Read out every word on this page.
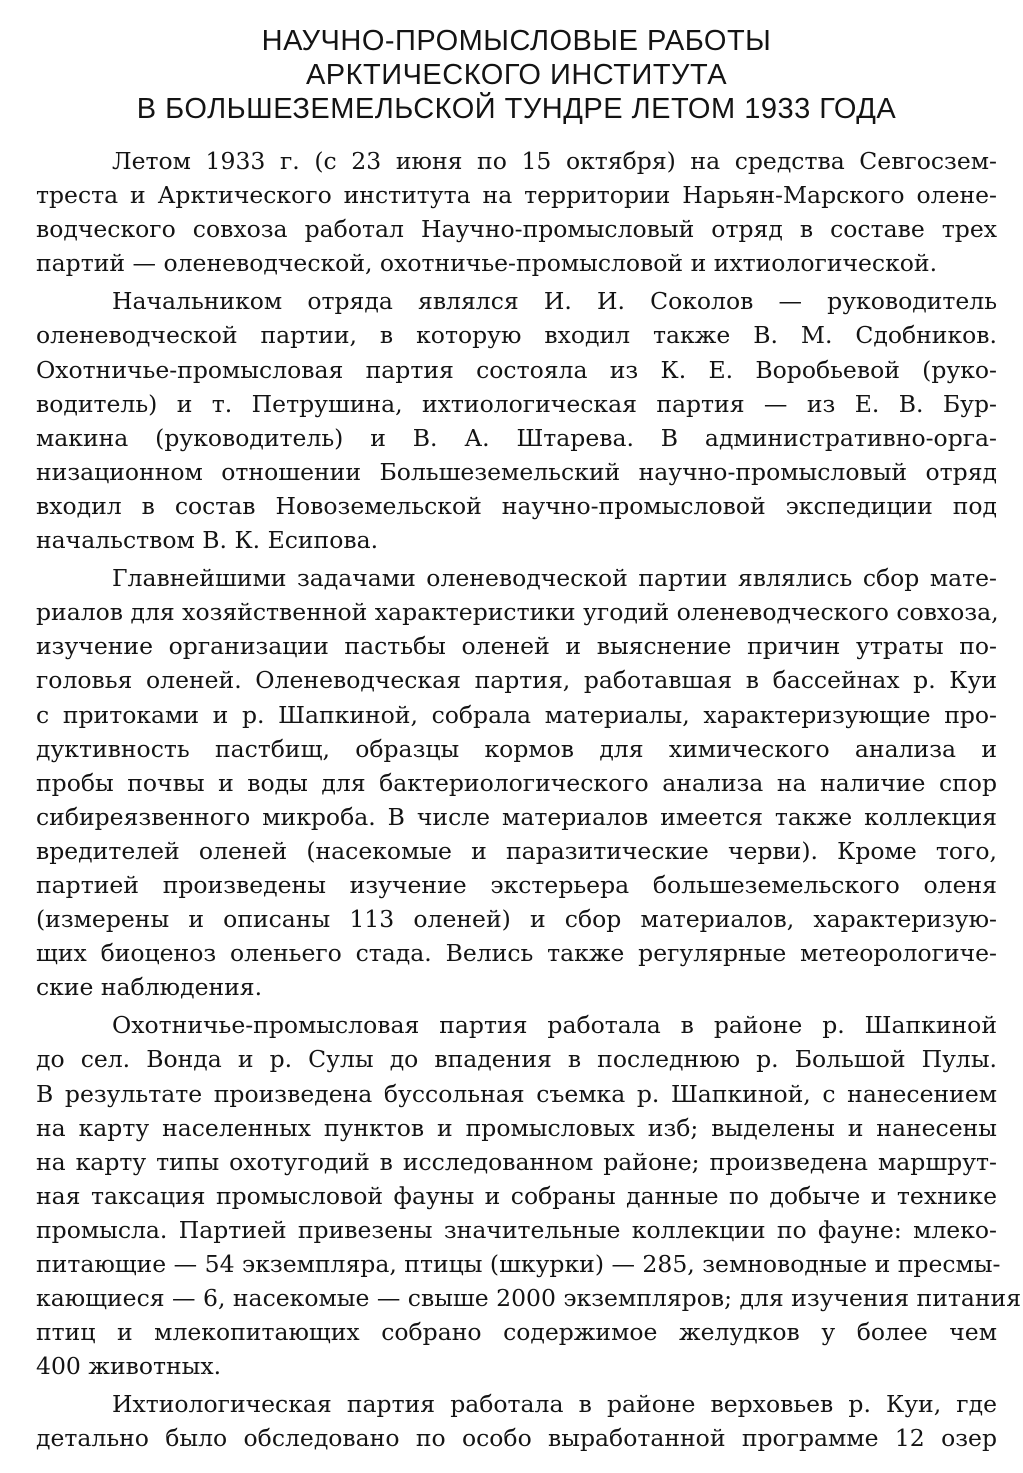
НАУЧНО-ПРОМЫСЛОВЫЕ РАБОТЫ
АРКТИЧЕСКОГО ИНСТИТУТА
В БОЛЬШЕЗЕМЕЛЬСКОЙ ТУНДРЕ ЛЕТОМ 1933 ГОДА
Летом 1933 г. (с 23 июня по 15 октября) на средства Севгосзем-
треста и Арктического института на территории Нарьян-Марского олене-
водческого совхоза работал Научно-промысловый отряд в составе трех
партий — оленеводческой, охотничье-промысловой и ихтиологической.
Начальником отряда являлся И. И. Соколов — руководитель
оленеводческой партии, в которую входил также В. М. Сдобников.
Охотничье-промысловая партия состояла из К. Е. Воробьевой (руко-
водитель) и т. Петрушина, ихтиологическая партия — из Е. В. Бур-
макина (руководитель) и В. А. Штарева. В административно-орга-
низационном отношении Большеземельский научно-промысловый отряд
входил в состав Новоземельской научно-промысловой экспедиции под
начальством В. К. Есипова.
Главнейшими задачами оленеводческой партии являлись сбор мате-
риалов для хозяйственной характеристики угодий оленеводческого совхоза,
изучение организации пастьбы оленей и выяснение причин утраты по-
головья оленей. Оленеводческая партия, работавшая в бассейнах р. Куи
с притоками и р. Шапкиной, собрала материалы, характеризующие про-
дуктивность пастбищ, образцы кормов для химического анализа и
пробы почвы и воды для бактериологического анализа на наличие спор
сибиреязвенного микроба. В числе материалов имеется также коллекция
вредителей оленей (насекомые и паразитические черви). Кроме того,
партией произведены изучение экстерьера большеземельского оленя
(измерены и описаны 113 оленей) и сбор материалов, характеризую-
щих биоценоз оленьего стада. Велись также регулярные метеорологиче-
ские наблюдения.
Охотничье-промысловая партия работала в районе р. Шапкиной
до сел. Вонда и р. Сулы до впадения в последнюю р. Большой Пулы.
В результате произведена буссольная съемка р. Шапкиной, с нанесением
на карту населенных пунктов и промысловых изб; выделены и нанесены
на карту типы охотугодий в исследованном районе; произведена маршрут-
ная таксация промысловой фауны и собраны данные по добыче и технике
промысла. Партией привезены значительные коллекции по фауне: млеко-
питающие — 54 экземпляра, птицы (шкурки) — 285, земноводные и пресмы-
кающиеся — 6, насекомые — свыше 2000 экземпляров; для изучения питания
птиц и млекопитающих собрано содержимое желудков у более чем
400 животных.
Ихтиологическая партия работала в районе верховьев р. Куи, где
детально было обследовано по особо выработанной программе 12 озер
